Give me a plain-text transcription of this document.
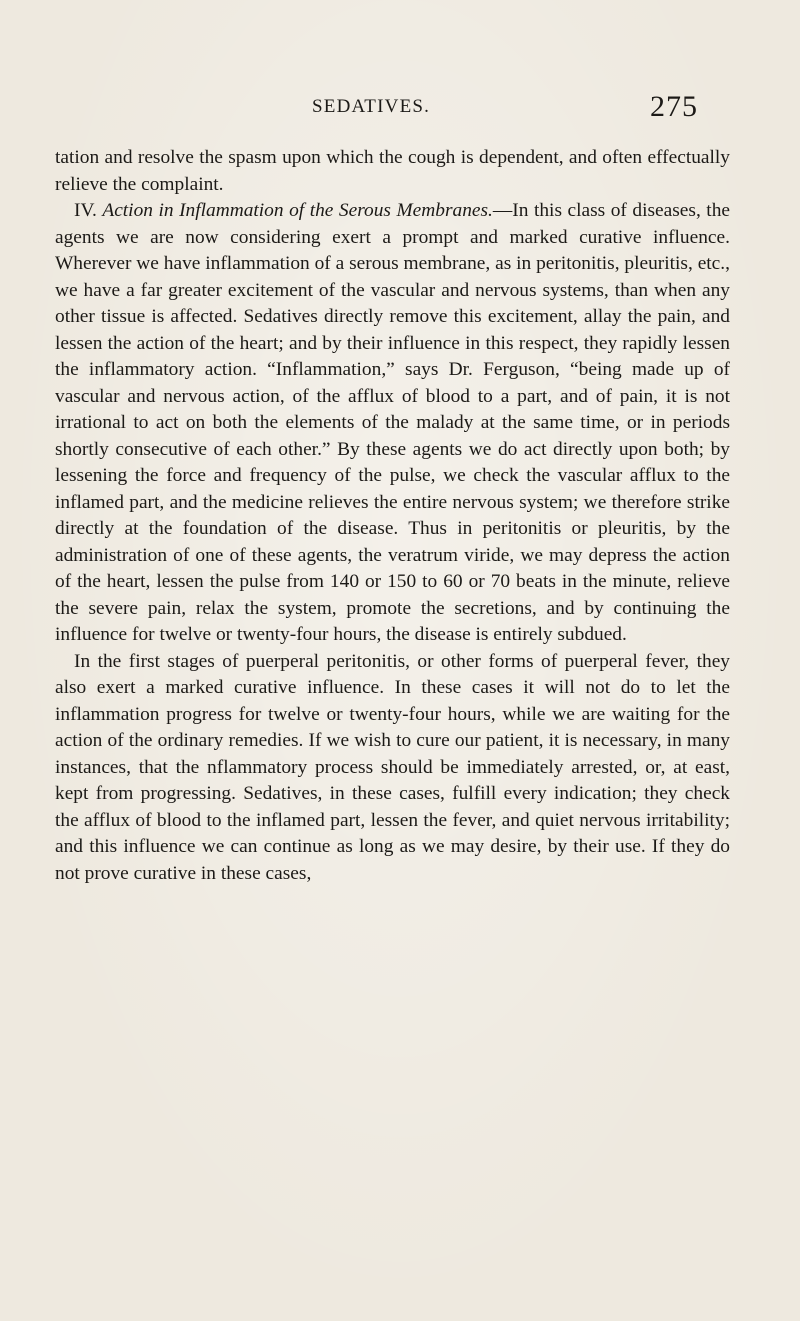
SEDATIVES.	275

tation and resolve the spasm upon which the cough is dependent, and often effectually relieve the complaint.

IV. Action in Inflammation of the Serous Membranes.—In this class of diseases, the agents we are now considering exert a prompt and marked curative influence. Wherever we have inflammation of a serous membrane, as in peritonitis, pleuritis, etc., we have a far greater excitement of the vascular and nervous systems, than when any other tissue is affected. Sedatives directly remove this excitement, allay the pain, and lessen the action of the heart; and by their influence in this respect, they rapidly lessen the inflammatory action. “Inflammation,” says Dr. Ferguson, “being made up of vascular and nervous action, of the afflux of blood to a part, and of pain, it is not irrational to act on both the elements of the malady at the same time, or in periods shortly consecutive of each other.” By these agents we do act directly upon both; by lessening the force and frequency of the pulse, we check the vascular afflux to the inflamed part, and the medicine relieves the entire nervous system; we therefore strike directly at the foundation of the disease. Thus in peritonitis or pleuritis, by the administration of one of these agents, the veratrum viride, we may depress the action of the heart, lessen the pulse from 140 or 150 to 60 or 70 beats in the minute, relieve the severe pain, relax the system, promote the secretions, and by continuing the influence for twelve or twenty-four hours, the disease is entirely subdued.

In the first stages of puerperal peritonitis, or other forms of puerperal fever, they also exert a marked curative influence. In these cases it will not do to let the inflammation progress for twelve or twenty-four hours, while we are waiting for the action of the ordinary remedies. If we wish to cure our patient, it is necessary, in many instances, that the nflammatory process should be immediately arrested, or, at east, kept from progressing. Sedatives, in these cases, fulfill every indication; they check the afflux of blood to the inflamed part, lessen the fever, and quiet nervous irritability; and this influence we can continue as long as we may desire, by their use. If they do not prove curative in these cases,
